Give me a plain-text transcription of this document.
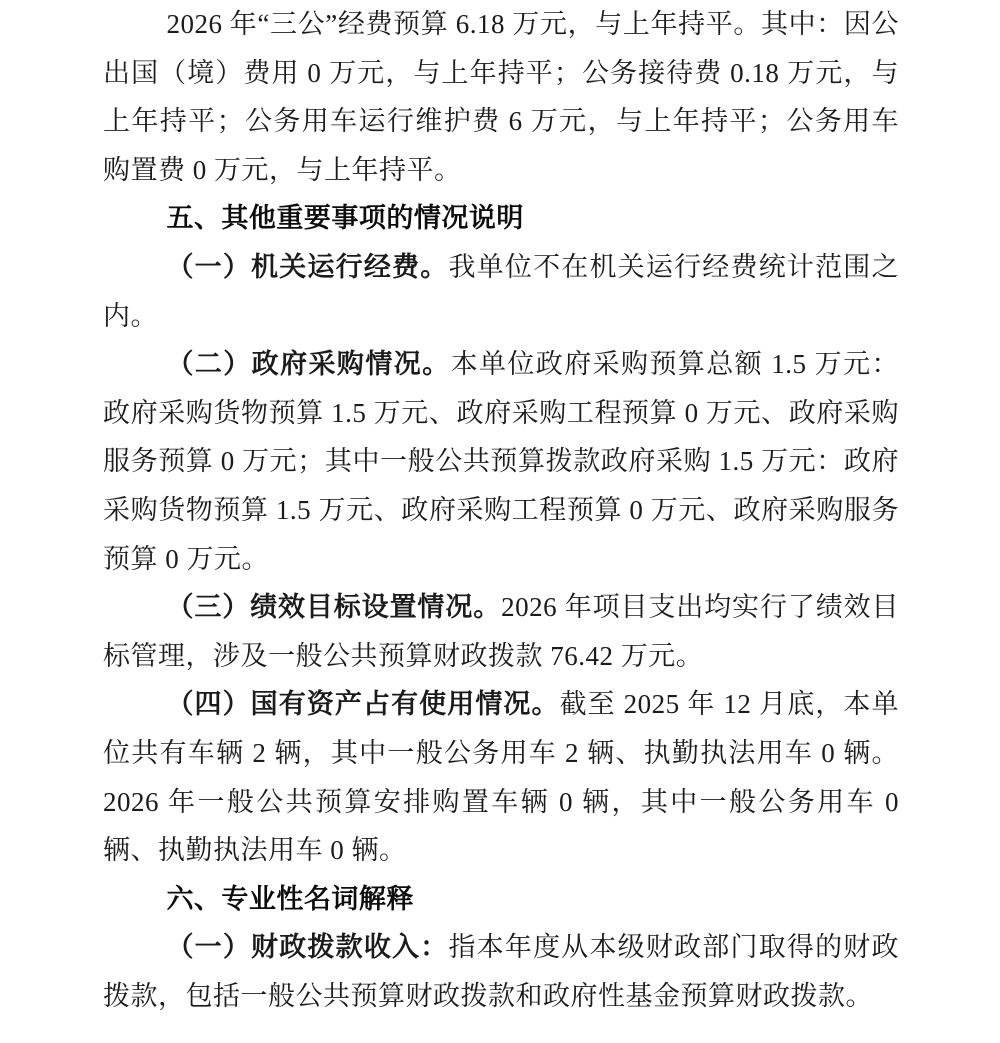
2026 年“三公”经费预算 6.18 万元，与上年持平。其中：因公出国（境）费用 0 万元，与上年持平；公务接待费 0.18 万元，与上年持平；公务用车运行维护费 6 万元，与上年持平；公务用车购置费 0 万元，与上年持平。

五、其他重要事项的情况说明

（一）机关运行经费。我单位不在机关运行经费统计范围之内。

（二）政府采购情况。本单位政府采购预算总额 1.5 万元：政府采购货物预算 1.5 万元、政府采购工程预算 0 万元、政府采购服务预算 0 万元；其中一般公共预算拨款政府采购 1.5 万元：政府采购货物预算 1.5 万元、政府采购工程预算 0 万元、政府采购服务预算 0 万元。

（三）绩效目标设置情况。2026 年项目支出均实行了绩效目标管理，涉及一般公共预算财政拨款 76.42 万元。

（四）国有资产占有使用情况。截至 2025 年 12 月底，本单位共有车辆 2 辆，其中一般公务用车 2 辆、执勤执法用车 0 辆。2026 年一般公共预算安排购置车辆 0 辆，其中一般公务用车 0 辆、执勤执法用车 0 辆。

六、专业性名词解释

（一）财政拨款收入：指本年度从本级财政部门取得的财政拨款，包括一般公共预算财政拨款和政府性基金预算财政拨款。
